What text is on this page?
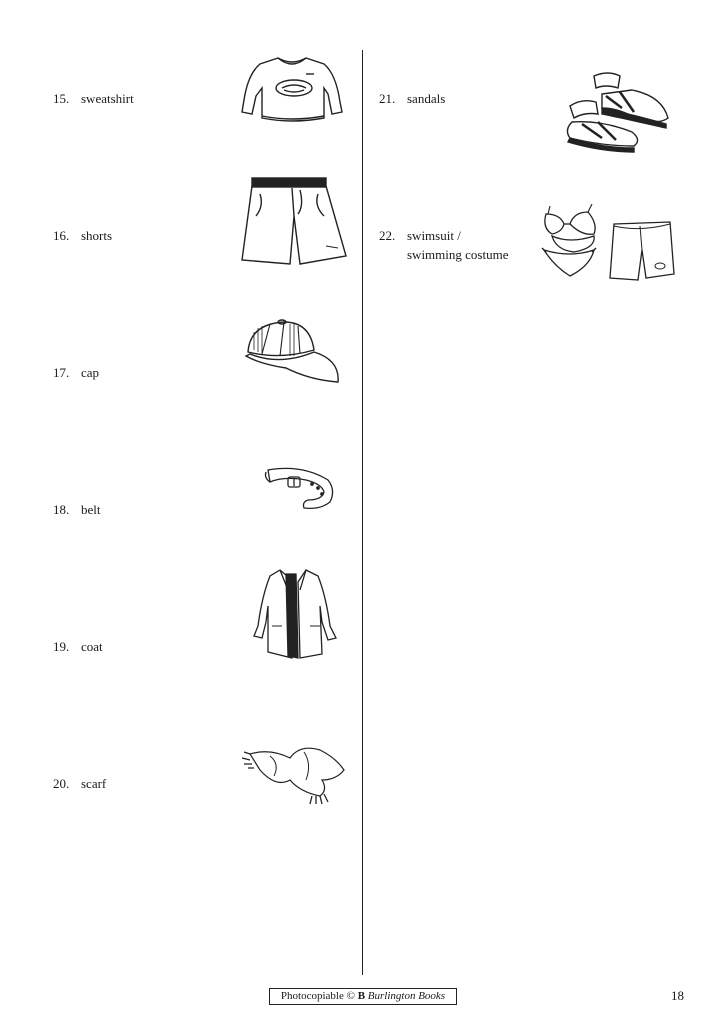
15. sweatshirt
16. shorts
17. cap
18. belt
19. coat
20. scarf
21. sandals
22. swimsuit /
swimming costume
Photocopiable © B Burlington Books	18
